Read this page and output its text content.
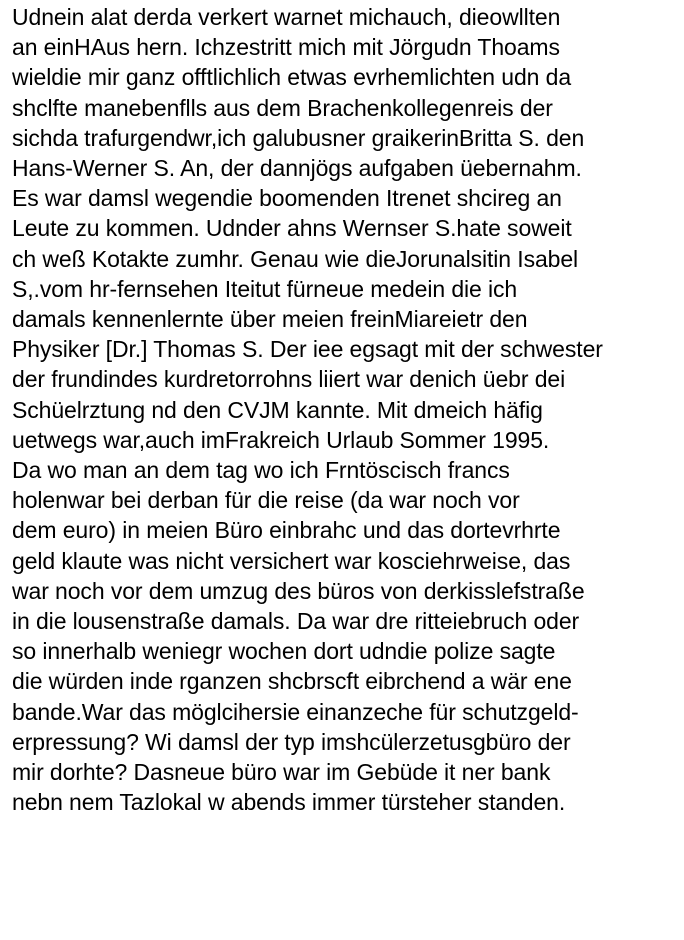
Udnein alat derda verkert warnet michauch, dieowllten
an einHAus hern. Ichzestritt mich mit Jörgudn Thoams
wieldie mir ganz offtlichlich etwas evrhemlichten udn da
shclfte manebenflls aus dem Brachenkollegenreis der
sichda trafurgendwr,ich galubusner graikerinBritta S. den
Hans-Werner S. An, der dannjögs aufgaben üebernahm.
Es war damsl wegendie boomenden Itrenet shcireg an
Leute zu kommen. Udnder ahns Wernser S.hate soweit
ch weß Kotakte zumhr. Genau wie dieJorunalsitin Isabel
S,.vom hr-fernsehen Iteitut fürneue medein die ich
damals kennenlernte über meien freinMiareietr den
Physiker [Dr.] Thomas S. Der iee egsagt mit der schwester
der frundindes kurdretorrohns liiert war denich üebr dei
Schüelrztung nd den CVJM kannte. Mit dmeich häfig
uetwegs war,auch imFrakreich Urlaub Sommer 1995.
Da wo man an dem tag wo ich Frntöscisch francs
holenwar bei derban für die reise (da war noch vor
dem euro) in meien Büro einbrahc und das dortevrhrte
geld klaute was nicht versichert war kosciehrweise, das
war noch vor dem umzug des büros von derkisslefstraße
in die lousenstraße damals. Da war dre ritteiebruch oder
so innerhalb weniegr wochen dort udndie polize sagte
die würden inde rganzen shcbrscft eibrchend a wär ene
bande.War das möglcihersie einanzeche für schutzgeld-
erpressung? Wi damsl der typ imshcülerzetusgbüro der
mir dorhte? Dasneue büro war im Gebüde it ner bank
nebn nem Tazlokal w abends immer türsteher standen.
